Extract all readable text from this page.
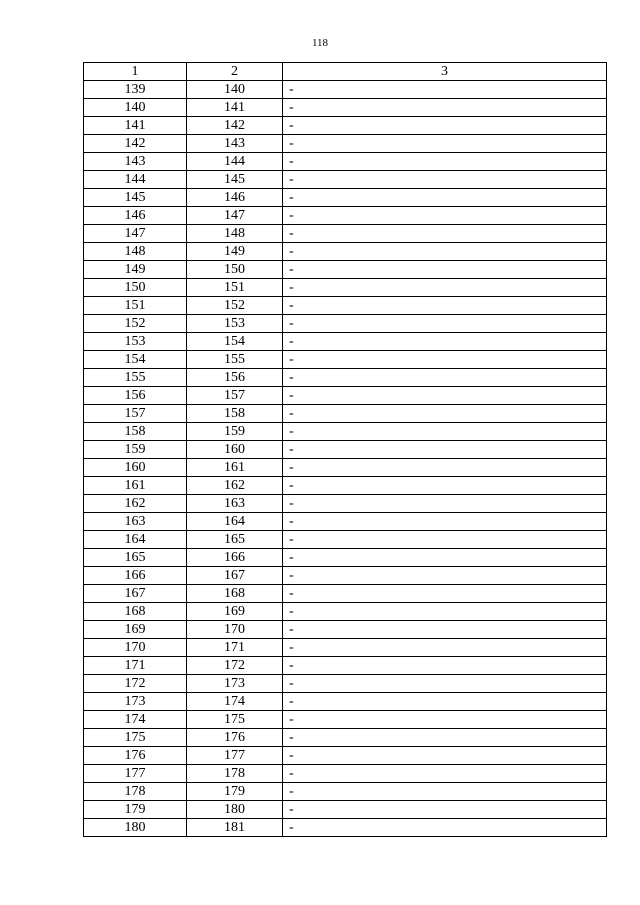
118
1	2	3
139	140	-
140	141	-
141	142	-
142	143	-
143	144	-
144	145	-
145	146	-
146	147	-
147	148	-
148	149	-
149	150	-
150	151	-
151	152	-
152	153	-
153	154	-
154	155	-
155	156	-
156	157	-
157	158	-
158	159	-
159	160	-
160	161	-
161	162	-
162	163	-
163	164	-
164	165	-
165	166	-
166	167	-
167	168	-
168	169	-
169	170	-
170	171	-
171	172	-
172	173	-
173	174	-
174	175	-
175	176	-
176	177	-
177	178	-
178	179	-
179	180	-
180	181	-
